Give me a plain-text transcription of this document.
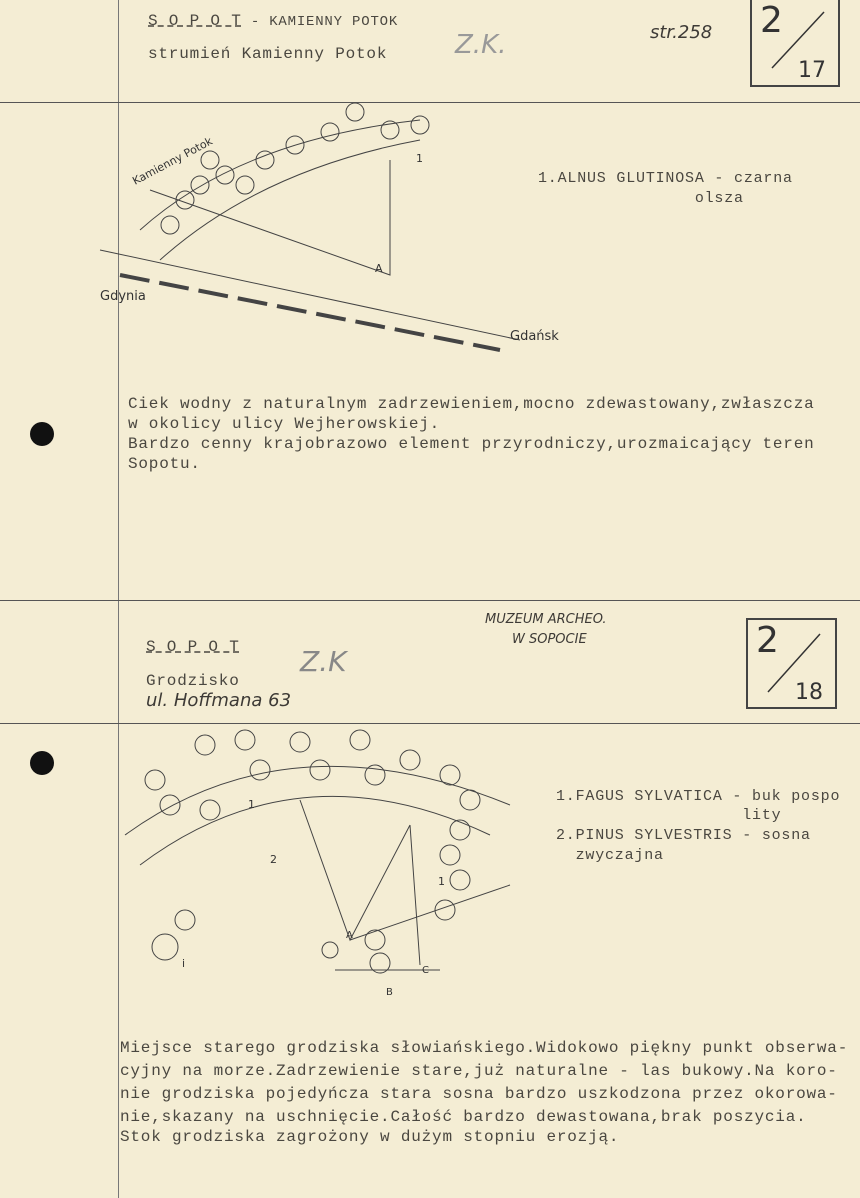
S O P O T - KAMIENNY POTOK
strumień Kamienny Potok	Z.K.	str.258 2
17
Kamienny Potok	1
A
Gdynia
Gdańsk
1.ALNUS GLUTINOSA - czarna
olsza
Ciek wodny z naturalnym zadrzewieniem,mocno zdewastowany,zwłaszcza
w okolicy ulicy Wejherowskiej.
Bardzo cenny krajobrazowo element przyrodniczy,urozmaicający teren
Sopotu.
S O P O T
Grodzisko
ul. Hoffmana 63
Z.K
MUZEUM ARCHEO.
W SOPOCIE	2
18
1
2
1
i
A
B
C
1.FAGUS SYLVATICA - buk pospo
lity
2.PINUS SYLVESTRIS - sosna
zwyczajna
Miejsce starego grodziska słowiańskiego.Widokowo piękny punkt obserwa-
cyjny na morze.Zadrzewienie stare,już naturalne - las bukowy.Na koro-
nie grodziska pojedyńcza stara sosna bardzo uszkodzona przez okorowa-
nie,skazany na uschnięcie.Całość bardzo dewastowana,brak poszycia.
Stok grodziska zagrożony w dużym stopniu erozją.
